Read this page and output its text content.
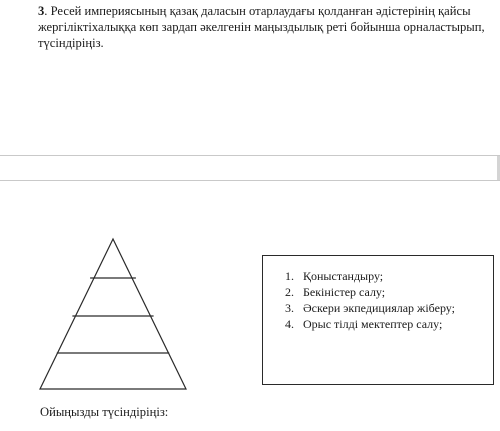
3. Ресей империясының қазақ даласын отарлаудағы қолданған әдістерінің қайсы
жергіліктіхалыққа көп зардап әкелгенін маңыздылық реті бойынша орналастырып,
түсіндіріңіз.
1. Қоныстандыру;
2. Бекіністер салу;
3. Әскери экпедициялар жіберу;
4. Орыс тілді мектептер салу;

Ойыңызды түсіндіріңіз:
